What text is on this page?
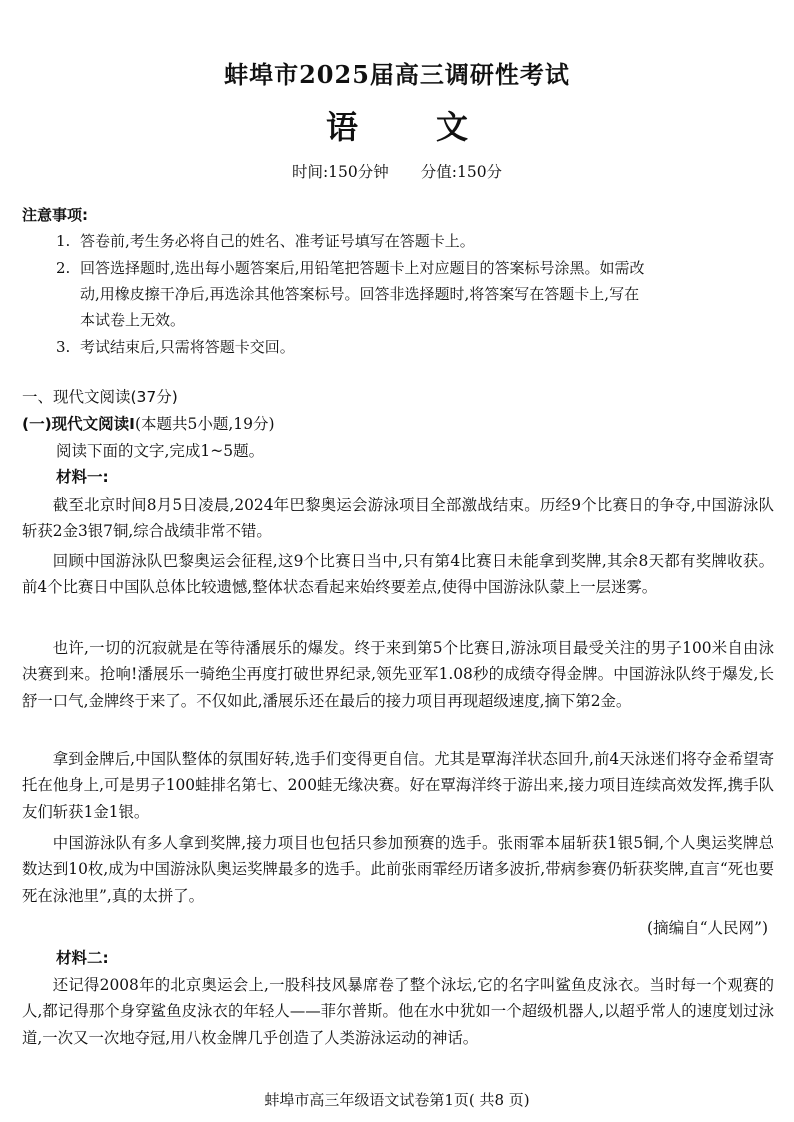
蚌埠市2025届高三调研性考试
语 文
时间:150分钟 分值:150分
注意事项:
1. 答卷前,考生务必将自己的姓名、准考证号填写在答题卡上。
2. 回答选择题时,选出每小题答案后,用铅笔把答题卡上对应题目的答案标号涂黑。如需改
动,用橡皮擦干净后,再选涂其他答案标号。回答非选择题时,将答案写在答题卡上,写在
本试卷上无效。
3. 考试结束后,只需将答题卡交回。
一、现代文阅读(37分)
(一)现代文阅读Ⅰ(本题共5小题,19分)
阅读下面的文字,完成1~5题。
材料一:
截至北京时间8月5日凌晨,2024年巴黎奥运会游泳项目全部激战结束。历经9个比赛日的争夺,中国游泳队斩获2金3银7铜,综合战绩非常不错。
回顾中国游泳队巴黎奥运会征程,这9个比赛日当中,只有第4比赛日未能拿到奖牌,其余8天都有奖牌收获。前4个比赛日中国队总体比较遗憾,整体状态看起来始终要差点,使得中国游泳队蒙上一层迷雾。
也许,一切的沉寂就是在等待潘展乐的爆发。终于来到第5个比赛日,游泳项目最受关注的男子100米自由泳决赛到来。抢响!潘展乐一骑绝尘再度打破世界纪录,领先亚军1.08秒的成绩夺得金牌。中国游泳队终于爆发,长舒一口气,金牌终于来了。不仅如此,潘展乐还在最后的接力项目再现超级速度,摘下第2金。
拿到金牌后,中国队整体的氛围好转,选手们变得更自信。尤其是覃海洋状态回升,前4天泳迷们将夺金希望寄托在他身上,可是男子100蛙排名第七、200蛙无缘决赛。好在覃海洋终于游出来,接力项目连续高效发挥,携手队友们斩获1金1银。
中国游泳队有多人拿到奖牌,接力项目也包括只参加预赛的选手。张雨霏本届斩获1银5铜,个人奥运奖牌总数达到10枚,成为中国游泳队奥运奖牌最多的选手。此前张雨霏经历诸多波折,带病参赛仍斩获奖牌,直言“死也要死在泳池里”,真的太拼了。
(摘编自“人民网”)
材料二:
还记得2008年的北京奥运会上,一股科技风暴席卷了整个泳坛,它的名字叫鲨鱼皮泳衣。当时每一个观赛的人,都记得那个身穿鲨鱼皮泳衣的年轻人——菲尔普斯。他在水中犹如一个超级机器人,以超乎常人的速度划过泳道,一次又一次地夺冠,用八枚金牌几乎创造了人类游泳运动的神话。
蚌埠市高三年级语文试卷第1页( 共8 页)
